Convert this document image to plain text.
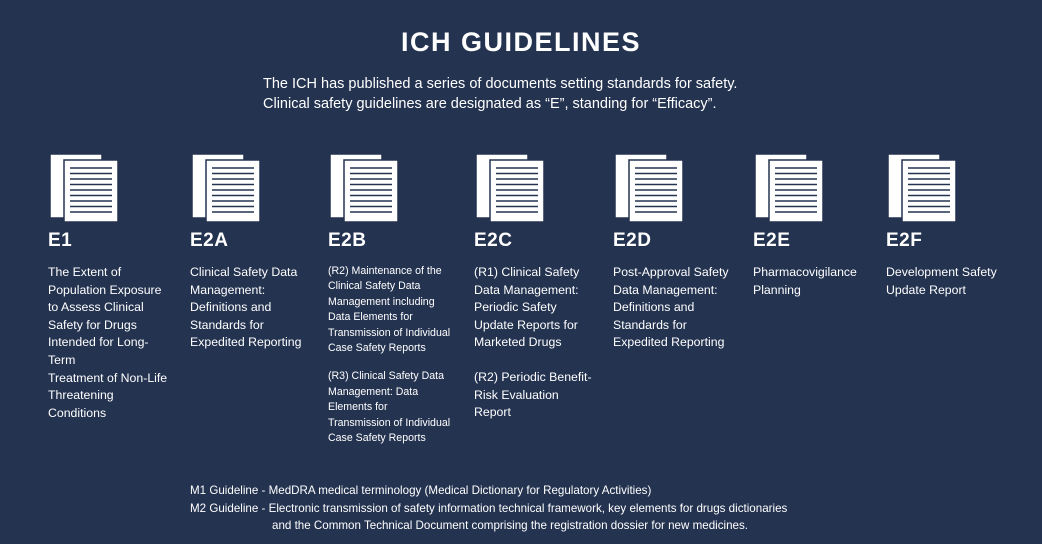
ICH GUIDELINES
The ICH has published a series of documents setting standards for safety.
Clinical safety guidelines are designated as “E”, standing for “Efficacy”.
E1
The Extent of
Population Exposure
to Assess Clinical
Safety for Drugs
Intended for Long-
Term
Treatment of Non-Life
Threatening
Conditions
E2A
Clinical Safety Data
Management:
Definitions and
Standards for
Expedited Reporting
E2B
(R2) Maintenance of the
Clinical Safety Data
Management including
Data Elements for
Transmission of Individual
Case Safety Reports
(R3) Clinical Safety Data
Management: Data
Elements for
Transmission of Individual
Case Safety Reports
E2C
(R1) Clinical Safety
Data Management:
Periodic Safety
Update Reports for
Marketed Drugs
(R2) Periodic Benefit-
Risk Evaluation
Report
E2D
Post-Approval Safety
Data Management:
Definitions and
Standards for
Expedited Reporting
E2E
Pharmacovigilance
Planning
E2F
Development Safety
Update Report
M1 Guideline - MedDRA medical terminology (Medical Dictionary for Regulatory Activities)
M2 Guideline - Electronic transmission of safety information technical framework, key elements for drugs dictionaries
and the Common Technical Document comprising the registration dossier for new medicines.
